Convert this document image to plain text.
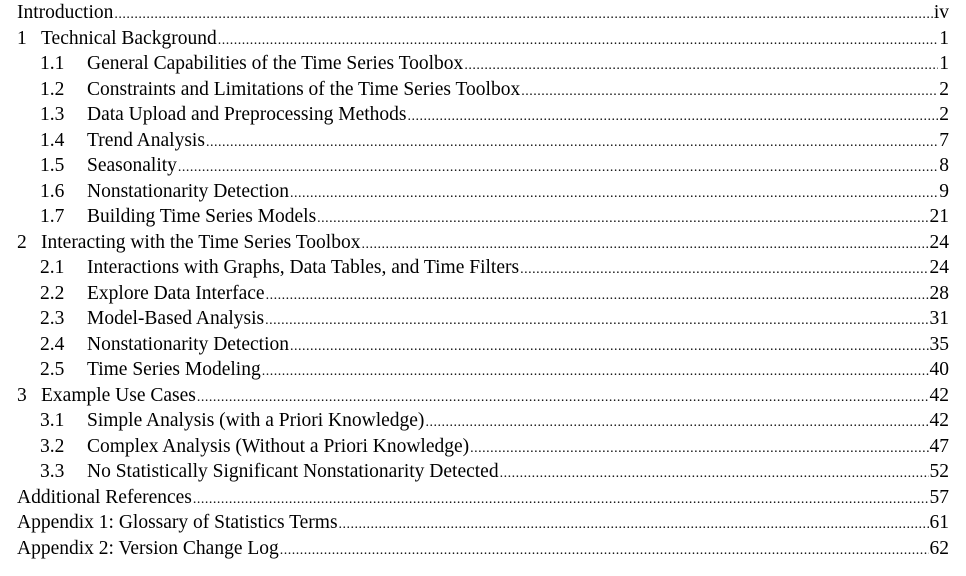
Introduction .....	iv
1 Technical Background .....	1
1.1	General Capabilities of the Time Series Toolbox .....	1
1.2	Constraints and Limitations of the Time Series Toolbox .....	2
1.3	Data Upload and Preprocessing Methods .....	2
1.4	Trend Analysis .....	7
1.5	Seasonality .....	8
1.6	Nonstationarity Detection .....	9
1.7	Building Time Series Models .....	21
2 Interacting with the Time Series Toolbox .....	24
2.1	Interactions with Graphs, Data Tables, and Time Filters .....	24
2.2	Explore Data Interface .....	28
2.3	Model-Based Analysis .....	31
2.4	Nonstationarity Detection .....	35
2.5	Time Series Modeling .....	40
3 Example Use Cases .....	42
3.1	Simple Analysis (with a Priori Knowledge) .....	42
3.2	Complex Analysis (Without a Priori Knowledge) .....	47
3.3	No Statistically Significant Nonstationarity Detected .....	52
Additional References .....	57
Appendix 1: Glossary of Statistics Terms .....	61
Appendix 2: Version Change Log .....	62
